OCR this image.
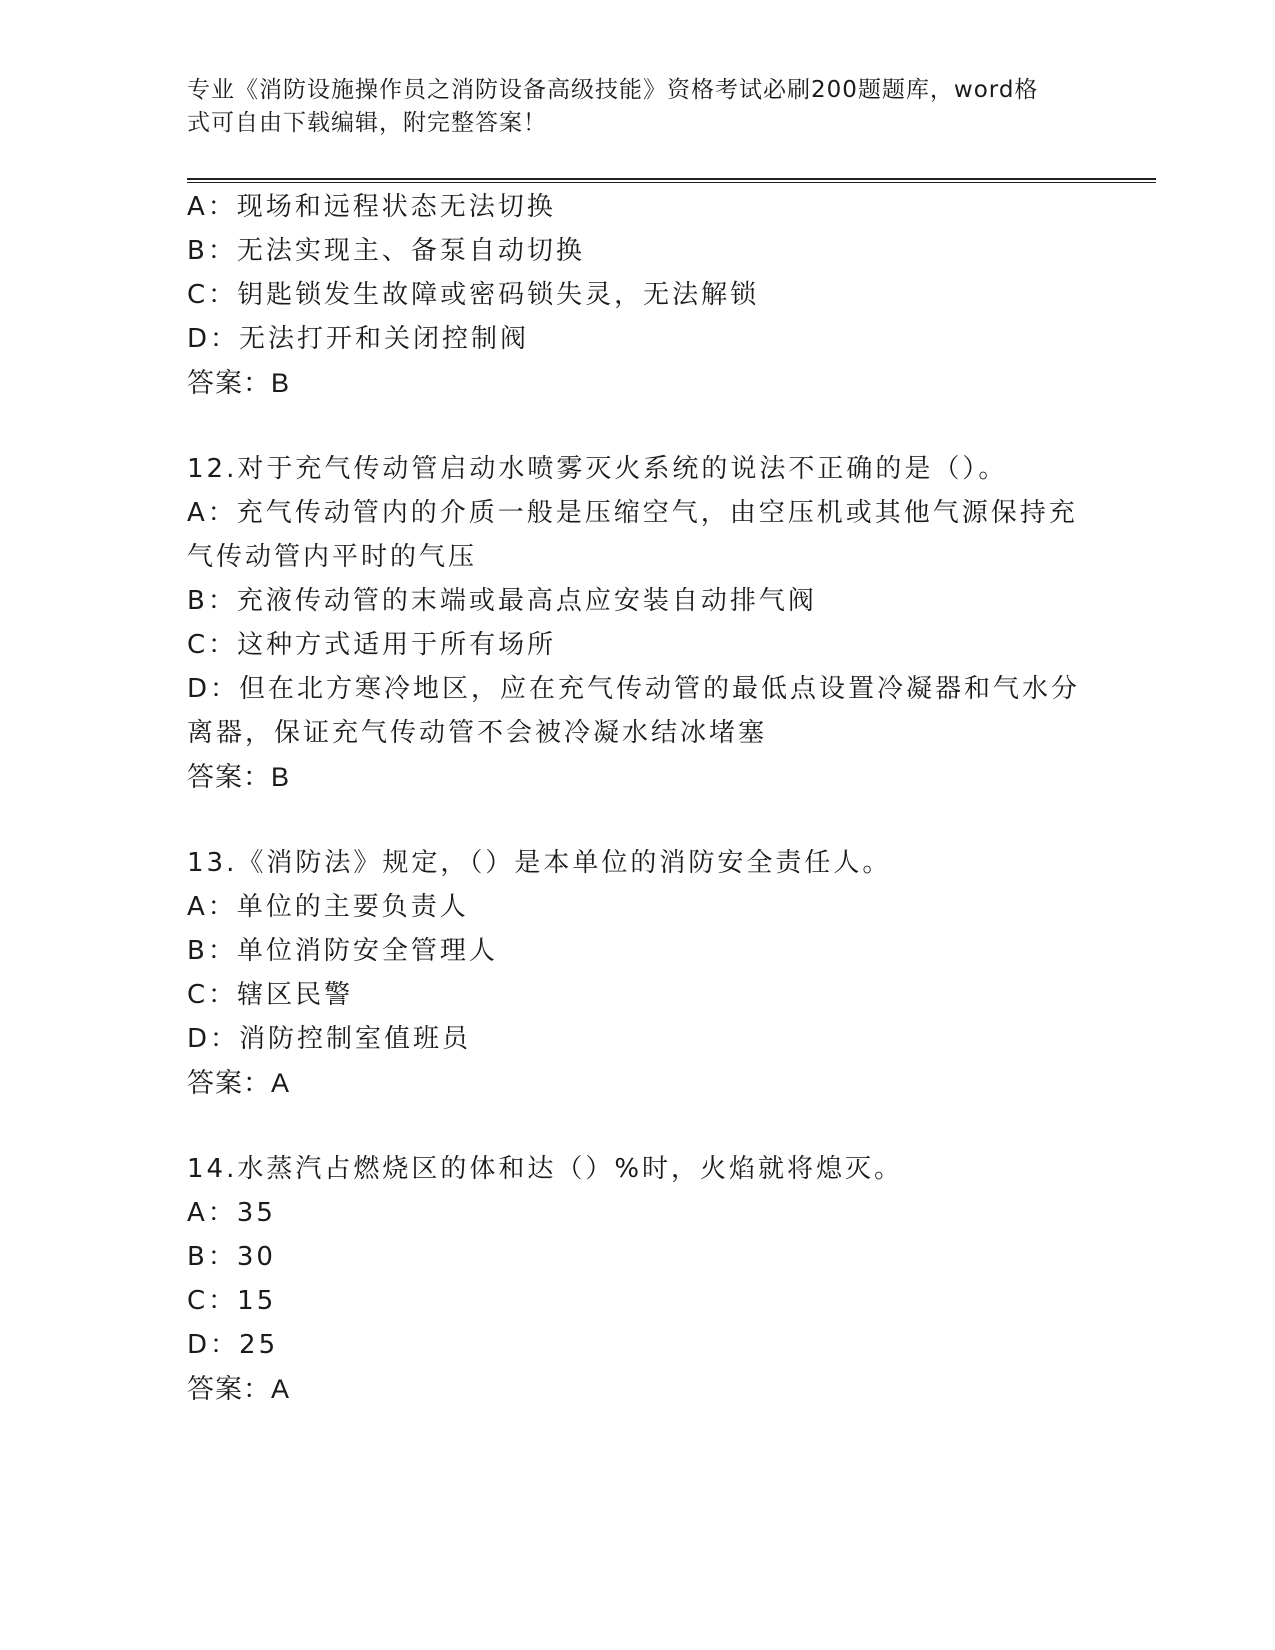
专业《消防设施操作员之消防设备高级技能》资格考试必刷200题题库，word格
式可自由下载编辑，附完整答案！
A：现场和远程状态无法切换
B：无法实现主、备泵自动切换
C：钥匙锁发生故障或密码锁失灵，无法解锁
D：无法打开和关闭控制阀
答案：B
12.对于充气传动管启动水喷雾灭火系统的说法不正确的是（）。
A：充气传动管内的介质一般是压缩空气，由空压机或其他气源保持充
气传动管内平时的气压
B：充液传动管的末端或最高点应安装自动排气阀
C：这种方式适用于所有场所
D：但在北方寒冷地区，应在充气传动管的最低点设置冷凝器和气水分
离器，保证充气传动管不会被冷凝水结冰堵塞
答案：B
13.《消防法》规定，（）是本单位的消防安全责任人。
A：单位的主要负责人
B：单位消防安全管理人
C：辖区民警
D：消防控制室值班员
答案：A
14.水蒸汽占燃烧区的体和达（）%时，火焰就将熄灭。
A：35
B：30
C：15
D：25
答案：A
